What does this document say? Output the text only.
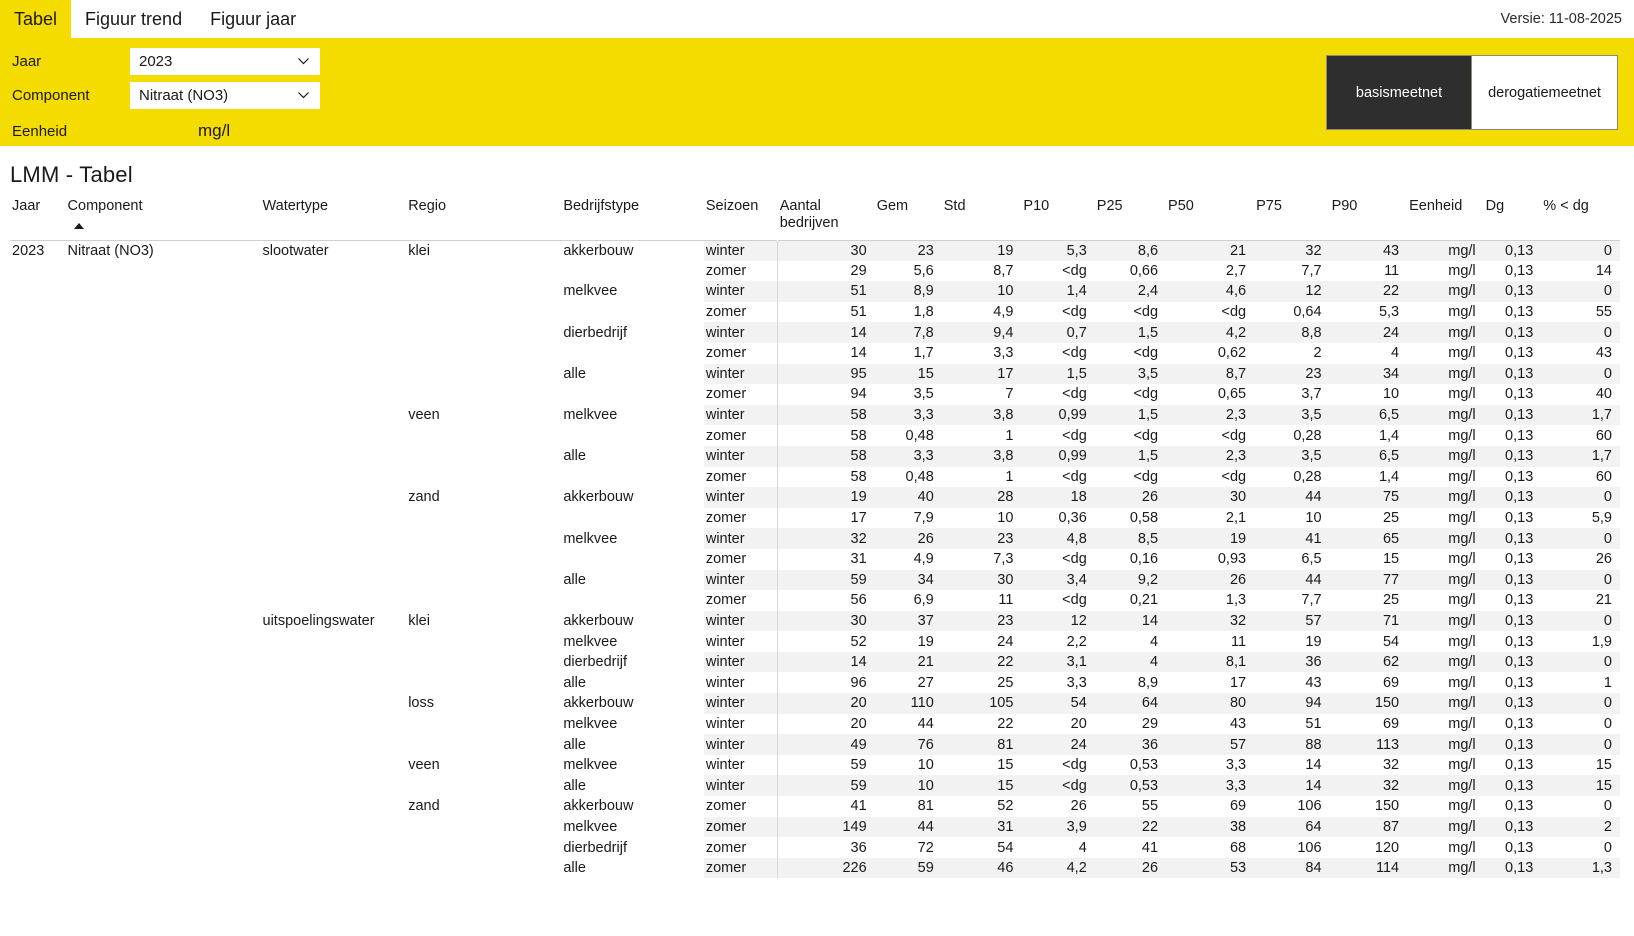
Tabel Figuur trend Figuur jaar	Versie: 11-08-2025
Jaar	2023
Component	Nitraat (NO3)
Eenheid	mg/l
basismeetnet	derogatiemeetnet
LMM - Tabel
Jaar	Component	Watertype	Regio	Bedrijfstype	Seizoen	Aantal bedrijven	Gem	Std	P10	P25	P50	P75	P90	Eenheid	Dg	% < dg

2023	Nitraat (NO3)	slootwater	klei	akkerbouw	winter	30	23	19	5,3	8,6	21	32	43	mg/l	0,13	0
					zomer	29	5,6	8,7	<dg	0,66	2,7	7,7	11	mg/l	0,13	14
				melkvee	winter	51	8,9	10	1,4	2,4	4,6	12	22	mg/l	0,13	0
					zomer	51	1,8	4,9	<dg	<dg	<dg	0,64	5,3	mg/l	0,13	55
				dierbedrijf	winter	14	7,8	9,4	0,7	1,5	4,2	8,8	24	mg/l	0,13	0
					zomer	14	1,7	3,3	<dg	<dg	0,62	2	4	mg/l	0,13	43
				alle	winter	95	15	17	1,5	3,5	8,7	23	34	mg/l	0,13	0
					zomer	94	3,5	7	<dg	<dg	0,65	3,7	10	mg/l	0,13	40
			veen	melkvee	winter	58	3,3	3,8	0,99	1,5	2,3	3,5	6,5	mg/l	0,13	1,7
					zomer	58	0,48	1	<dg	<dg	<dg	0,28	1,4	mg/l	0,13	60
				alle	winter	58	3,3	3,8	0,99	1,5	2,3	3,5	6,5	mg/l	0,13	1,7
					zomer	58	0,48	1	<dg	<dg	<dg	0,28	1,4	mg/l	0,13	60
			zand	akkerbouw	winter	19	40	28	18	26	30	44	75	mg/l	0,13	0
					zomer	17	7,9	10	0,36	0,58	2,1	10	25	mg/l	0,13	5,9
				melkvee	winter	32	26	23	4,8	8,5	19	41	65	mg/l	0,13	0
					zomer	31	4,9	7,3	<dg	0,16	0,93	6,5	15	mg/l	0,13	26
				alle	winter	59	34	30	3,4	9,2	26	44	77	mg/l	0,13	0
					zomer	56	6,9	11	<dg	0,21	1,3	7,7	25	mg/l	0,13	21
		uitspoelingswater	klei	akkerbouw	winter	30	37	23	12	14	32	57	71	mg/l	0,13	0
				melkvee	winter	52	19	24	2,2	4	11	19	54	mg/l	0,13	1,9
				dierbedrijf	winter	14	21	22	3,1	4	8,1	36	62	mg/l	0,13	0
				alle	winter	96	27	25	3,3	8,9	17	43	69	mg/l	0,13	1
			loss	akkerbouw	winter	20	110	105	54	64	80	94	150	mg/l	0,13	0
				melkvee	winter	20	44	22	20	29	43	51	69	mg/l	0,13	0
				alle	winter	49	76	81	24	36	57	88	113	mg/l	0,13	0
			veen	melkvee	winter	59	10	15	<dg	0,53	3,3	14	32	mg/l	0,13	15
				alle	winter	59	10	15	<dg	0,53	3,3	14	32	mg/l	0,13	15
			zand	akkerbouw	zomer	41	81	52	26	55	69	106	150	mg/l	0,13	0
				melkvee	zomer	149	44	31	3,9	22	38	64	87	mg/l	0,13	2
				dierbedrijf	zomer	36	72	54	4	41	68	106	120	mg/l	0,13	0
				alle	zomer	226	59	46	4,2	26	53	84	114	mg/l	0,13	1,3
